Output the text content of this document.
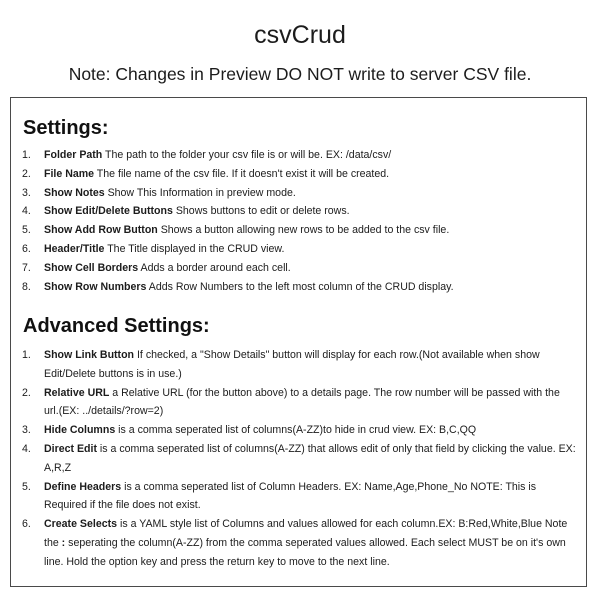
csvCrud
Note: Changes in Preview DO NOT write to server CSV file.
Settings:
1.	Folder Path The path to the folder your csv file is or will be. EX: /data/csv/
2.	File Name The file name of the csv file. If it doesn't exist it will be created.
3.	Show Notes Show This Information in preview mode.
4.	Show Edit/Delete Buttons Shows buttons to edit or delete rows.
5.	Show Add Row Button Shows a button allowing new rows to be added to the csv file.
6.	Header/Title The Title displayed in the CRUD view.
7.	Show Cell Borders Adds a border around each cell.
8.	Show Row Numbers Adds Row Numbers to the left most column of the CRUD display.
Advanced Settings:
1.	Show Link Button If checked, a "Show Details" button will display for each row.(Not available when show Edit/Delete buttons is in use.)
2.	Relative URL a Relative URL (for the button above) to a details page. The row number will be passed with the url.(EX: ../details/?row=2)
3.	Hide Columns is a comma seperated list of columns(A-ZZ)to hide in crud view. EX: B,C,QQ
4.	Direct Edit is a comma seperated list of columns(A-ZZ) that allows edit of only that field by clicking the value. EX: A,R,Z
5.	Define Headers is a comma seperated list of Column Headers. EX: Name,Age,Phone_No NOTE: This is Required if the file does not exist.
6.	Create Selects is a YAML style list of Columns and values allowed for each column.EX: B:Red,White,Blue Note the : seperating the column(A-ZZ) from the comma seperated values allowed. Each select MUST be on it's own line. Hold the option key and press the return key to move to the next line.
